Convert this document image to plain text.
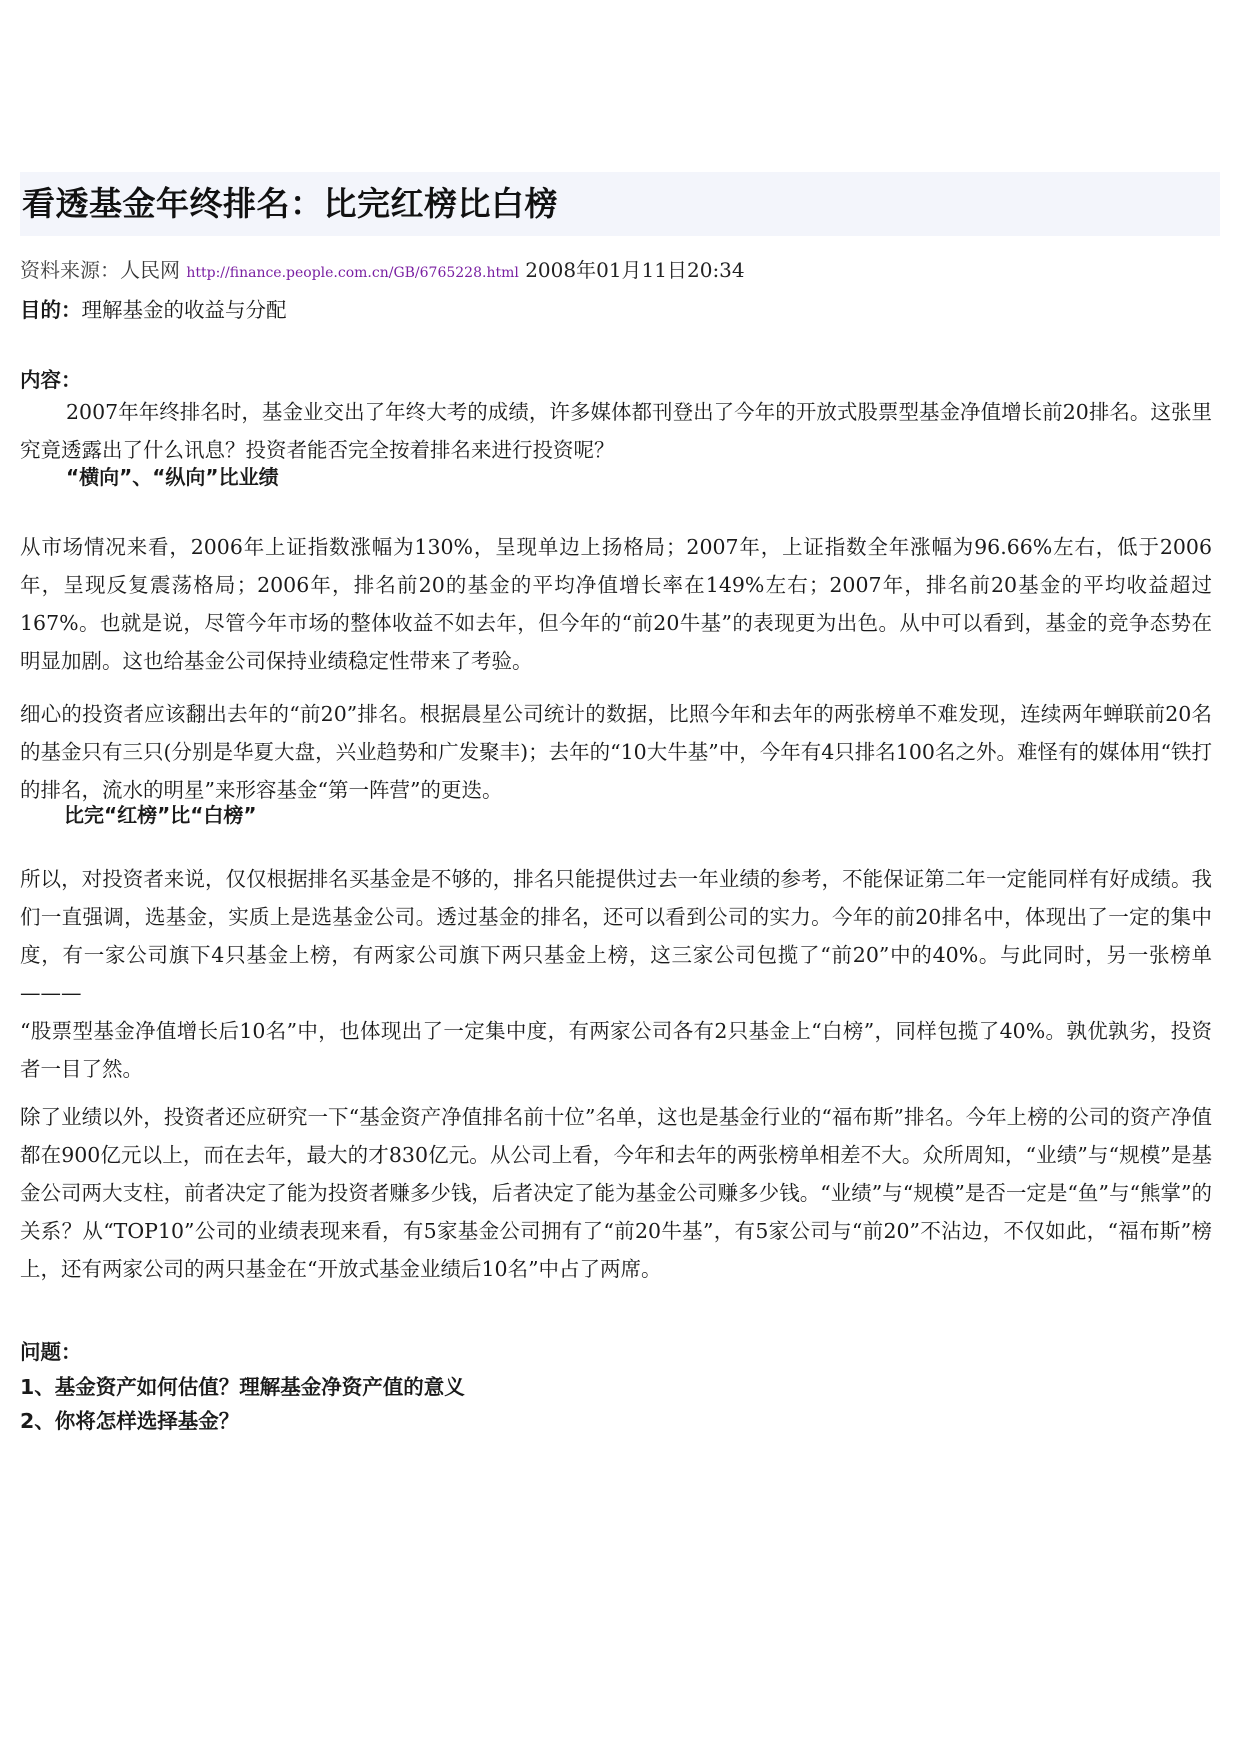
看透基金年终排名：比完红榜比白榜
资料来源：人民网 http://finance.people.com.cn/GB/6765228.html 2008年01月11日20:34
目的：理解基金的收益与分配
内容：
2007年年终排名时，基金业交出了年终大考的成绩，许多媒体都刊登出了今年的开放式股票型基金净值增长前20排名。这张里究竟透露出了什么讯息？投资者能否完全按着排名来进行投资呢？
“横向”、“纵向”比业绩
从市场情况来看，2006年上证指数涨幅为130%，呈现单边上扬格局；2007年，上证指数全年涨幅为96.66%左右，低于2006年，呈现反复震荡格局；2006年，排名前20的基金的平均净值增长率在149%左右；2007年，排名前20基金的平均收益超过167%。也就是说，尽管今年市场的整体收益不如去年，但今年的“前20牛基”的表现更为出色。从中可以看到，基金的竞争态势在明显加剧。这也给基金公司保持业绩稳定性带来了考验。
细心的投资者应该翻出去年的“前20”排名。根据晨星公司统计的数据，比照今年和去年的两张榜单不难发现，连续两年蝉联前20名的基金只有三只(分别是华夏大盘，兴业趋势和广发聚丰)；去年的“10大牛基”中，今年有4只排名100名之外。难怪有的媒体用“铁打的排名，流水的明星”来形容基金“第一阵营”的更迭。
比完“红榜”比“白榜”
所以，对投资者来说，仅仅根据排名买基金是不够的，排名只能提供过去一年业绩的参考，不能保证第二年一定能同样有好成绩。我们一直强调，选基金，实质上是选基金公司。透过基金的排名，还可以看到公司的实力。今年的前20排名中，体现出了一定的集中度，有一家公司旗下4只基金上榜，有两家公司旗下两只基金上榜，这三家公司包揽了“前20”中的40%。与此同时，另一张榜单———
“股票型基金净值增长后10名”中，也体现出了一定集中度，有两家公司各有2只基金上“白榜”，同样包揽了40%。孰优孰劣，投资者一目了然。
除了业绩以外，投资者还应研究一下“基金资产净值排名前十位”名单，这也是基金行业的“福布斯”排名。今年上榜的公司的资产净值都在900亿元以上，而在去年，最大的才830亿元。从公司上看，今年和去年的两张榜单相差不大。众所周知，“业绩”与“规模”是基金公司两大支柱，前者决定了能为投资者赚多少钱，后者决定了能为基金公司赚多少钱。“业绩”与“规模”是否一定是“鱼”与“熊掌”的关系？从“TOP10”公司的业绩表现来看，有5家基金公司拥有了“前20牛基”，有5家公司与“前20”不沾边，不仅如此，“福布斯”榜上，还有两家公司的两只基金在“开放式基金业绩后10名”中占了两席。
问题：
1、基金资产如何估值？理解基金净资产值的意义
2、你将怎样选择基金？
